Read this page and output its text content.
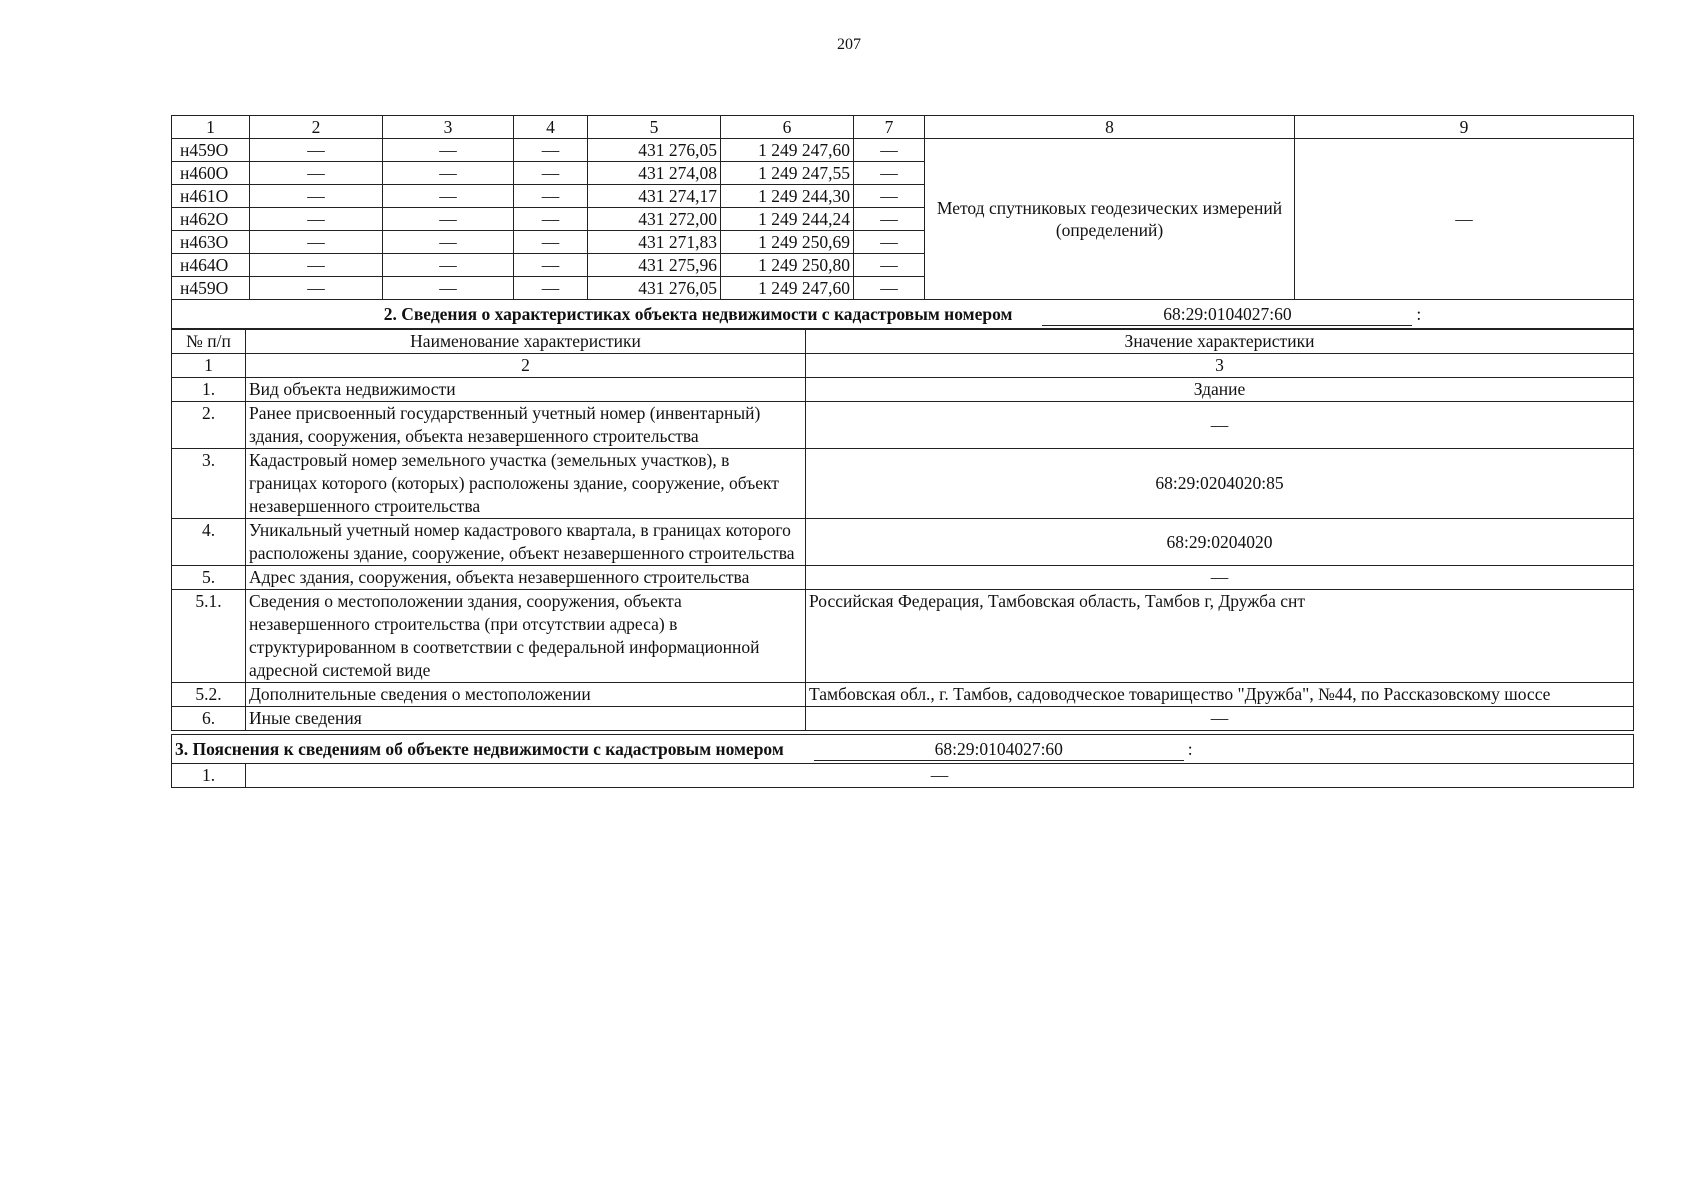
207
1	2	3	4	5	6	7	8	9
н459О	—	—	—	431 276,05	1 249 247,60	—	Метод спутниковых геодезических измерений (определений)	—
н460О	—	—	—	431 274,08	1 249 247,55	—		
н461О	—	—	—	431 274,17	1 249 244,30	—		
н462О	—	—	—	431 272,00	1 249 244,24	—		
н463О	—	—	—	431 271,83	1 249 250,69	—		
н464О	—	—	—	431 275,96	1 249 250,80	—		
н459О	—	—	—	431 276,05	1 249 247,60	—		
2. Сведения о характеристиках объекта недвижимости с кадастровым номером 68:29:0104027:60 :								
№ п/п	Наименование характеристики	Значение характеристики
1	2	3
1.	Вид объекта недвижимости	Здание
2.	Ранее присвоенный государственный учетный номер (инвентарный) здания, сооружения, объекта незавершенного строительства	—
3.	Кадастровый номер земельного участка (земельных участков), в границах которого (которых) расположены здание, сооружение, объект незавершенного строительства	68:29:0204020:85
4.	Уникальный учетный номер кадастрового квартала, в границах которого расположены здание, сооружение, объект незавершенного строительства	68:29:0204020
5.	Адрес здания, сооружения, объекта незавершенного строительства	—
5.1.	Сведения о местоположении здания, сооружения, объекта незавершенного строительства (при отсутствии адреса) в структурированном в соответствии с федеральной информационной адресной системой виде	Российская Федерация, Тамбовская область, Тамбов г, Дружба снт
5.2.	Дополнительные сведения о местоположении	Тамбовская обл., г. Тамбов, садоводческое товарищество "Дружба", №44, по Рассказовскому шоссе
6.	Иные сведения	—
3. Пояснения к сведениям об объекте недвижимости с кадастровым номером	68:29:0104027:60	:
1.	—
